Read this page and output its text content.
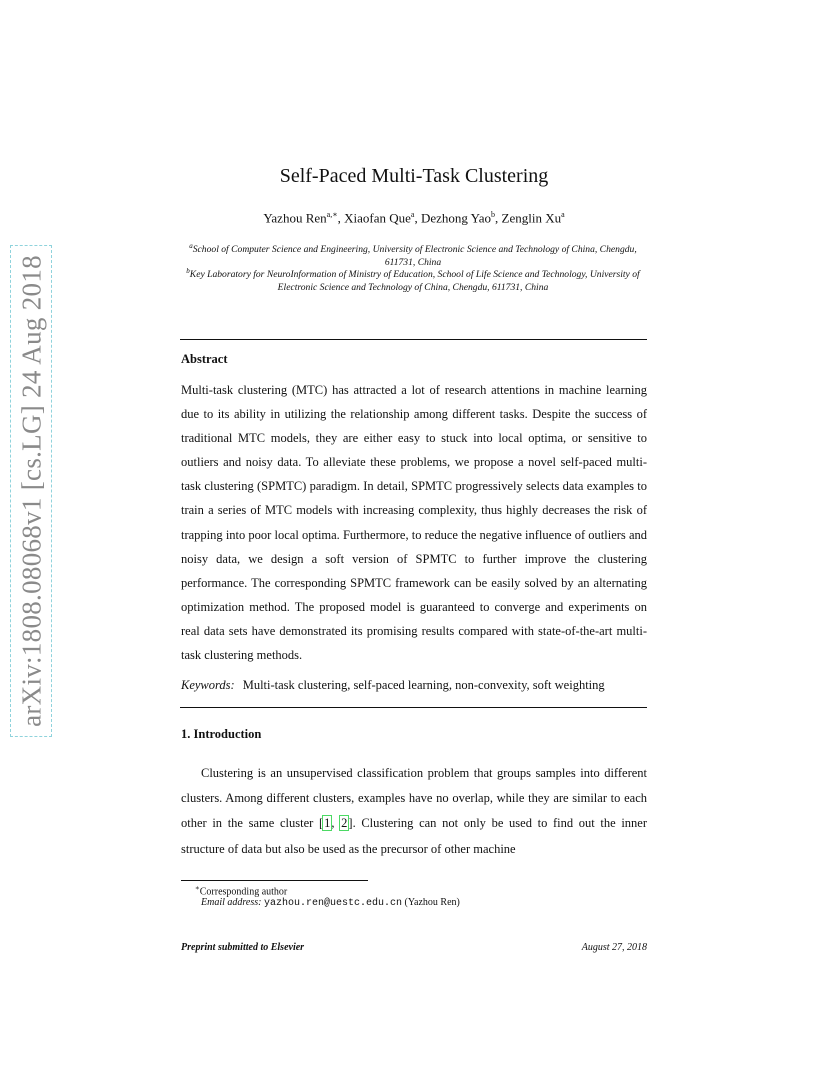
arXiv:1808.08068v1 [cs.LG] 24 Aug 2018
Self-Paced Multi-Task Clustering
Yazhou Ren$^{a,∗}$, Xiaofan Que$^a$, Dezhong Yao$^b$, Zenglin Xu$^a$
$^a$School of Computer Science and Engineering, University of Electronic Science and Technology of China, Chengdu, 611731, China
$^b$Key Laboratory for NeuroInformation of Ministry of Education, School of Life Science and Technology, University of Electronic Science and Technology of China, Chengdu, 611731, China
Abstract
Multi-task clustering (MTC) has attracted a lot of research attentions in machine learning due to its ability in utilizing the relationship among different tasks. Despite the success of traditional MTC models, they are either easy to stuck into local optima, or sensitive to outliers and noisy data. To alleviate these problems, we propose a novel self-paced multi-task clustering (SPMTC) paradigm. In detail, SPMTC progressively selects data examples to train a series of MTC models with increasing complexity, thus highly decreases the risk of trapping into poor local optima. Furthermore, to reduce the negative influence of outliers and noisy data, we design a soft version of SPMTC to further improve the clustering performance. The corresponding SPMTC framework can be easily solved by an alternating optimization method. The proposed model is guaranteed to converge and experiments on real data sets have demonstrated its promising results compared with state-of-the-art multi-task clustering methods.
Keywords: Multi-task clustering, self-paced learning, non-convexity, soft weighting
1. Introduction
Clustering is an unsupervised classification problem that groups samples into different clusters. Among different clusters, examples have no overlap, while they are similar to each other in the same cluster [1, 2]. Clustering can not only be used to find out the inner structure of data but also be used as the precursor of other machine
∗Corresponding author
Email address: yazhou.ren@uestc.edu.cn (Yazhou Ren)
Preprint submitted to Elsevier	August 27, 2018
